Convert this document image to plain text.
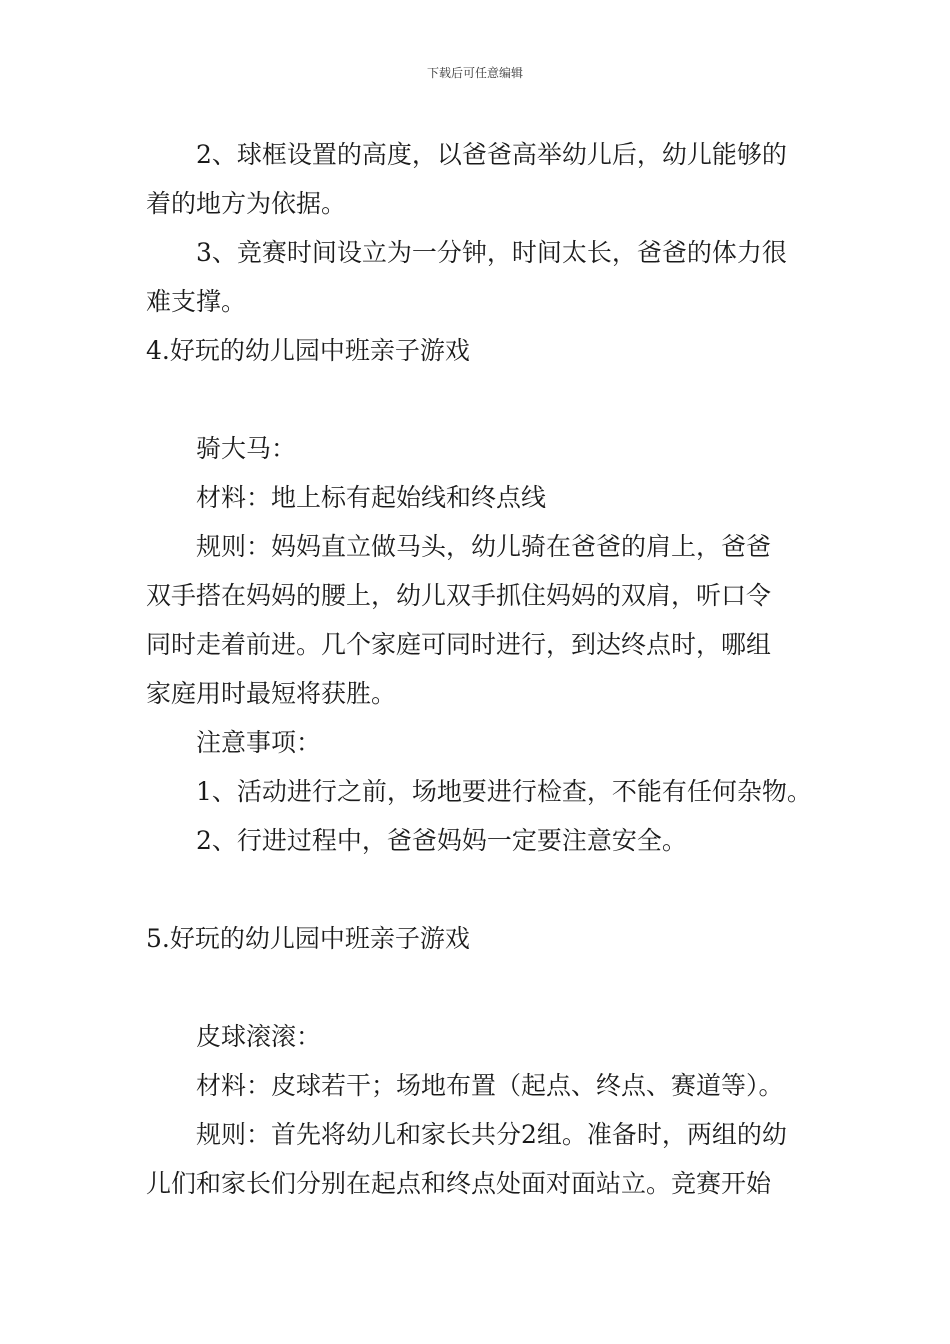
下载后可任意编辑
2、球框设置的高度，以爸爸高举幼儿后，幼儿能够的
着的地方为依据。
3、竞赛时间设立为一分钟，时间太长，爸爸的体力很
难支撑。
4.好玩的幼儿园中班亲子游戏
骑大马：
材料：地上标有起始线和终点线
规则：妈妈直立做马头，幼儿骑在爸爸的肩上，爸爸
双手搭在妈妈的腰上，幼儿双手抓住妈妈的双肩，听口令
同时走着前进。几个家庭可同时进行，到达终点时，哪组
家庭用时最短将获胜。
注意事项：
1、活动进行之前，场地要进行检查，不能有任何杂物。
2、行进过程中，爸爸妈妈一定要注意安全。
5.好玩的幼儿园中班亲子游戏
皮球滚滚：
材料：皮球若干；场地布置（起点、终点、赛道等）。
规则：首先将幼儿和家长共分2组。准备时，两组的幼
儿们和家长们分别在起点和终点处面对面站立。竞赛开始
